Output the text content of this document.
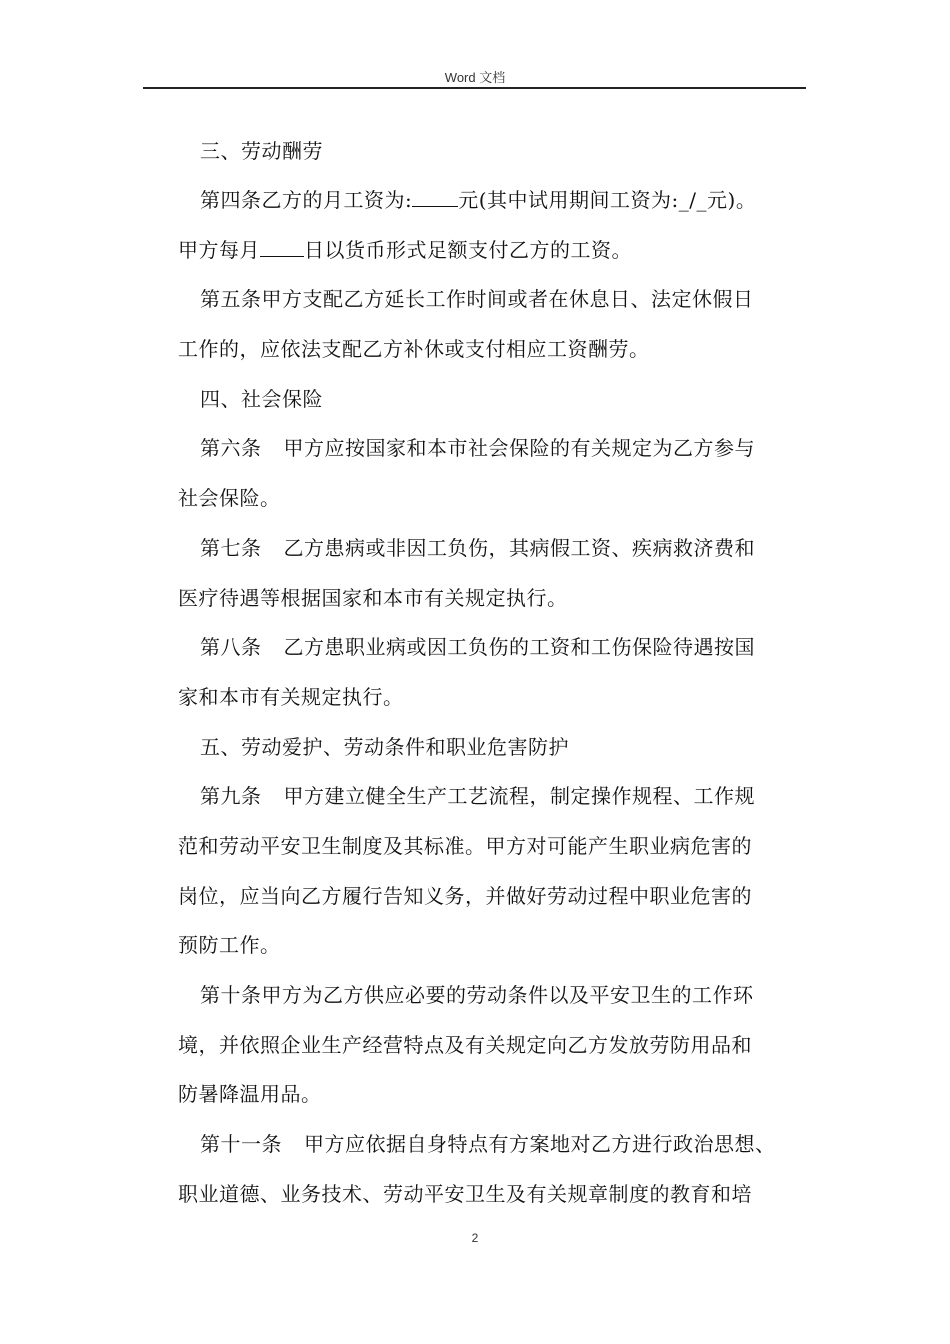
Word 文档
三、劳动酬劳
第四条乙方的月工资为: 元(其中试用期间工资为:_/_元)。
甲方每月 日以货币形式足额支付乙方的工资。
第五条甲方支配乙方延长工作时间或者在休息日、法定休假日
工作的，应依法支配乙方补休或支付相应工资酬劳。
四、社会保险
第六条 甲方应按国家和本市社会保险的有关规定为乙方参与
社会保险。
第七条 乙方患病或非因工负伤，其病假工资、疾病救济费和
医疗待遇等根据国家和本市有关规定执行。
第八条 乙方患职业病或因工负伤的工资和工伤保险待遇按国
家和本市有关规定执行。
五、劳动爱护、劳动条件和职业危害防护
第九条 甲方建立健全生产工艺流程，制定操作规程、工作规
范和劳动平安卫生制度及其标准。甲方对可能产生职业病危害的
岗位，应当向乙方履行告知义务，并做好劳动过程中职业危害的
预防工作。
第十条甲方为乙方供应必要的劳动条件以及平安卫生的工作环
境，并依照企业生产经营特点及有关规定向乙方发放劳防用品和
防暑降温用品。
第十一条 甲方应依据自身特点有方案地对乙方进行政治思想、
职业道德、业务技术、劳动平安卫生及有关规章制度的教育和培
2
